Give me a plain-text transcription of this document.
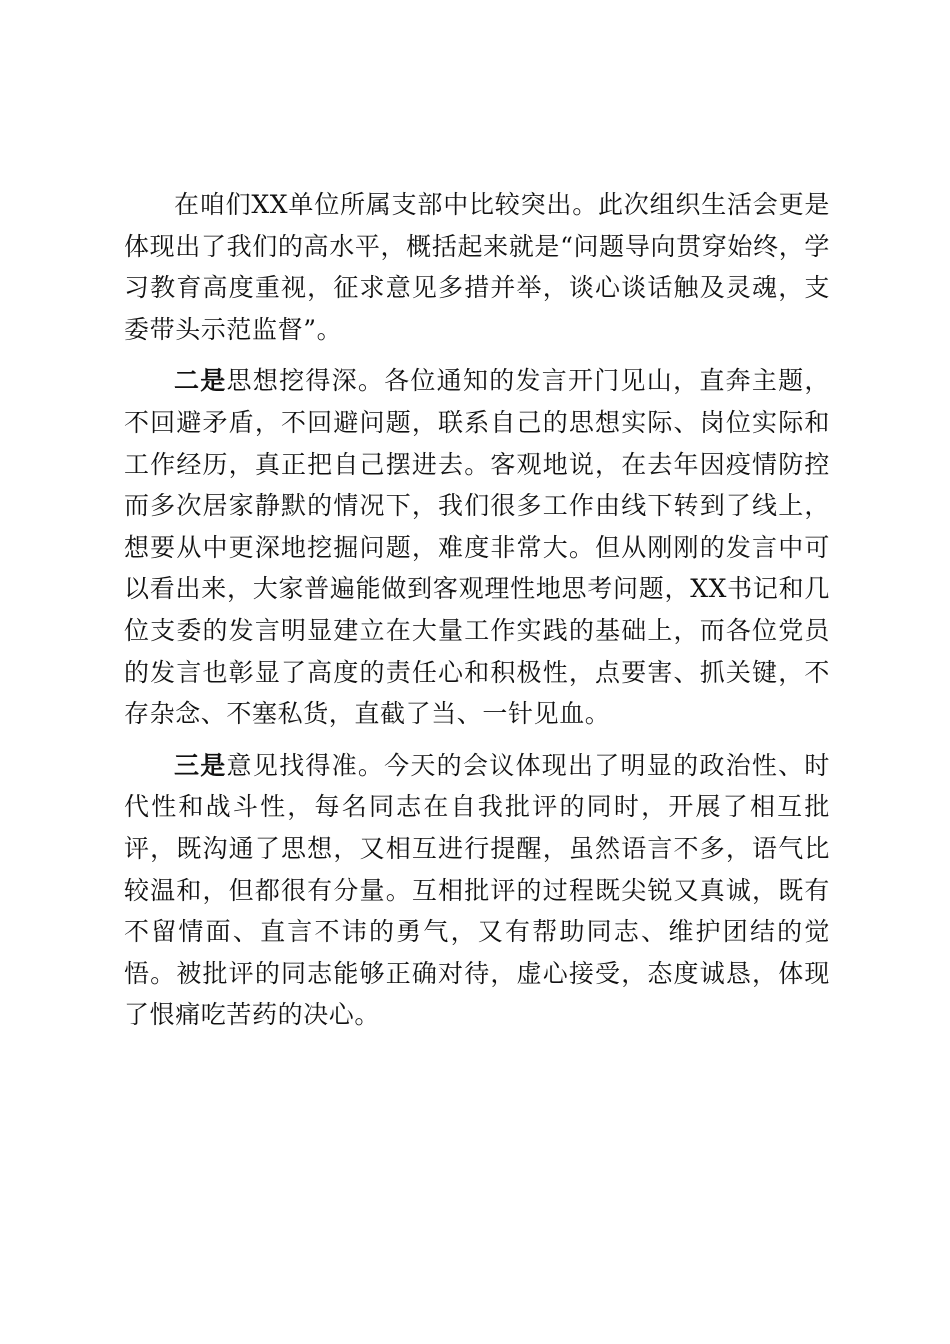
在咱们XX单位所属支部中比较突出。此次组织生活会更是体现出了我们的高水平，概括起来就是“问题导向贯穿始终，学习教育高度重视，征求意见多措并举，谈心谈话触及灵魂，支委带头示范监督”。

二是思想挖得深。各位通知的发言开门见山，直奔主题，不回避矛盾，不回避问题，联系自己的思想实际、岗位实际和工作经历，真正把自己摆进去。客观地说，在去年因疫情防控而多次居家静默的情况下，我们很多工作由线下转到了线上，想要从中更深地挖掘问题，难度非常大。但从刚刚的发言中可以看出来，大家普遍能做到客观理性地思考问题，XX书记和几位支委的发言明显建立在大量工作实践的基础上，而各位党员的发言也彰显了高度的责任心和积极性，点要害、抓关键，不存杂念、不塞私货，直截了当、一针见血。

三是意见找得准。今天的会议体现出了明显的政治性、时代性和战斗性，每名同志在自我批评的同时，开展了相互批评，既沟通了思想，又相互进行提醒，虽然语言不多，语气比较温和，但都很有分量。互相批评的过程既尖锐又真诚，既有不留情面、直言不讳的勇气，又有帮助同志、维护团结的觉悟。被批评的同志能够正确对待，虚心接受，态度诚恳，体现了恨痛吃苦药的决心。
